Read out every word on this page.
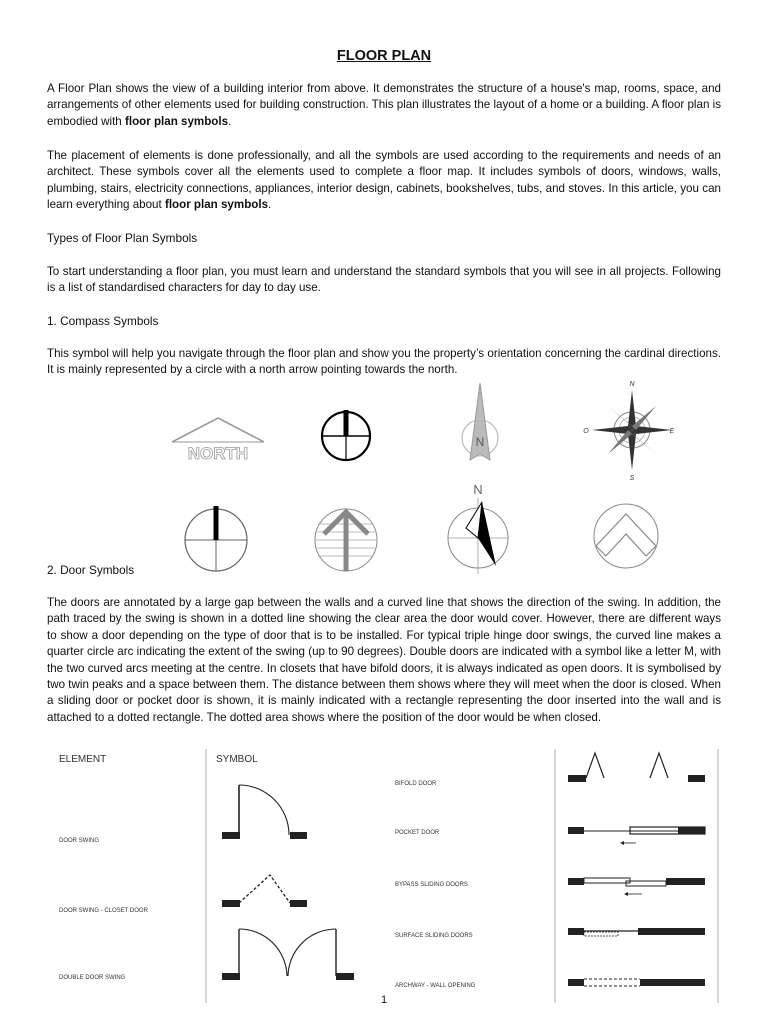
FLOOR PLAN
A Floor Plan shows the view of a building interior from above. It demonstrates the structure of a house's map, rooms, space, and arrangements of other elements used for building construction. This plan illustrates the layout of a home or a building. A floor plan is embodied with floor plan symbols.
The placement of elements is done professionally, and all the symbols are used according to the requirements and needs of an architect. These symbols cover all the elements used to complete a floor map. It includes symbols of doors, windows, walls, plumbing, stairs, electricity connections, appliances, interior design, cabinets, bookshelves, tubs, and stoves. In this article, you can learn everything about floor plan symbols.
Types of Floor Plan Symbols
To start understanding a floor plan, you must learn and understand the standard symbols that you will see in all projects. Following is a list of standardised characters for day to day use.
1. Compass Symbols
This symbol will help you navigate through the floor plan and show you the property’s orientation concerning the cardinal directions. It is mainly represented by a circle with a north arrow pointing towards the north.
NORTH
N
N
S
O	E
N
2. Door Symbols
The doors are annotated by a large gap between the walls and a curved line that shows the direction of the swing. In addition, the path traced by the swing is shown in a dotted line showing the clear area the door would cover. However, there are different ways to show a door depending on the type of door that is to be installed. For typical triple hinge door swings, the curved line makes a quarter circle arc indicating the extent of the swing (up to 90 degrees). Double doors are indicated with a symbol like a letter M, with the two curved arcs meeting at the centre. In closets that have bifold doors, it is always indicated as open doors. It is symbolised by two twin peaks and a space between them. The distance between them shows where they will meet when the door is closed. When a sliding door or pocket door is shown, it is mainly indicated with a rectangle representing the door inserted into the wall and is attached to a dotted rectangle. The dotted area shows where the position of the door would be when closed.
ELEMENT	SYMBOL
DOOR SWING
DOOR SWING - CLOSET DOOR
DOUBLE DOOR SWING
BIFOLD DOOR
POCKET DOOR
BYPASS SLIDING DOORS
SURFACE SLIDING DOORS
ARCHWAY - WALL OPENING
1
